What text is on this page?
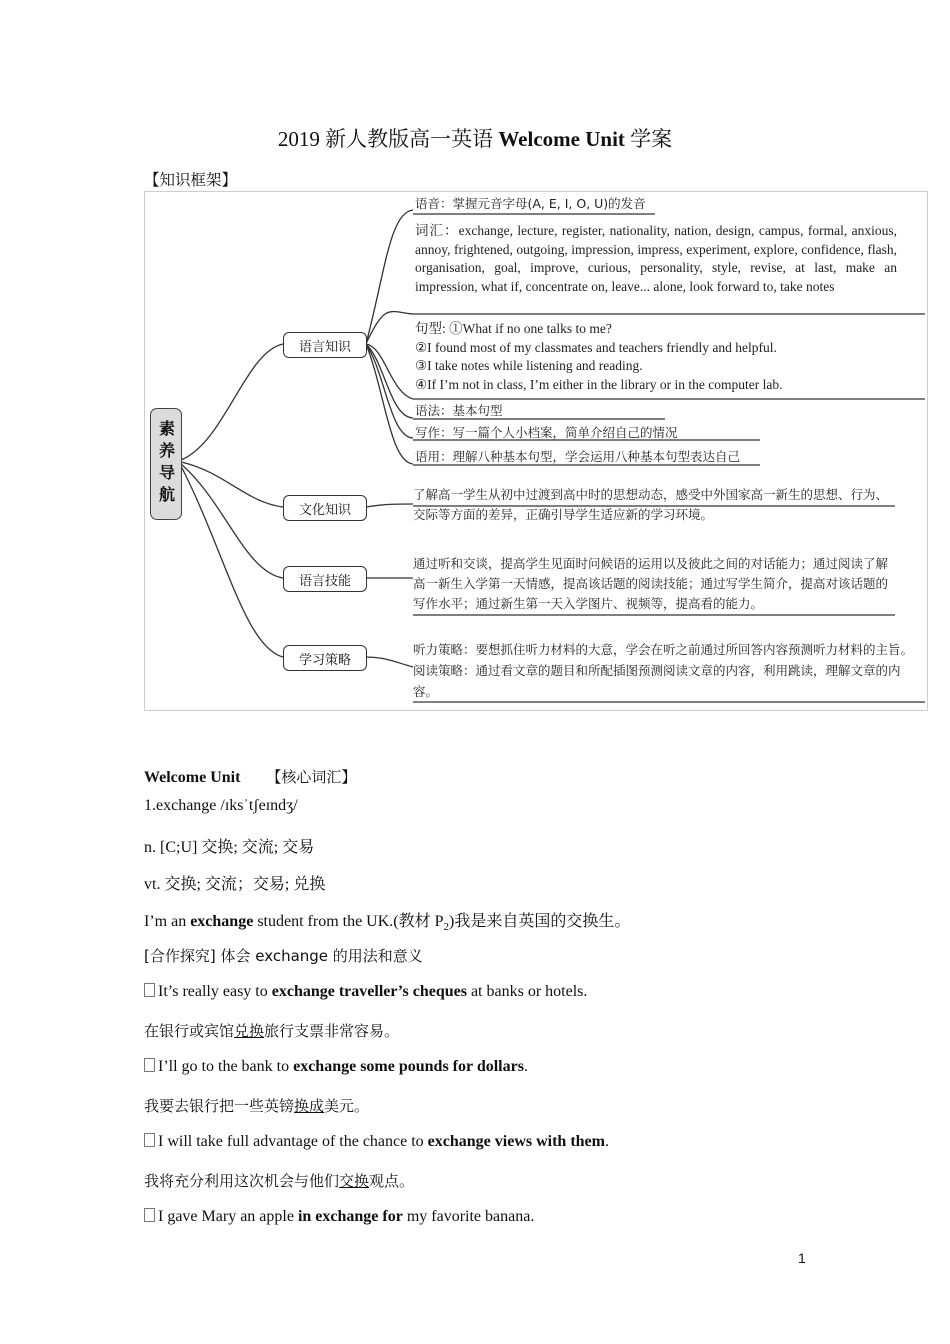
2019 新人教版高一英语 Welcome Unit 学案
【知识框架】
素养导航
语言知识
文化知识
语言技能
学习策略
语音：掌握元音字母(A, E, I, O, U)的发音
词汇：exchange, lecture, register, nationality, nation, design, campus, formal, anxious, annoy, frightened, outgoing, impression, impress, experiment, explore, confidence, flash, organisation, goal, improve, curious, personality, style, revise, at last, make an impression, what if, concentrate on, leave... alone, look forward to, take notes
句型: ①What if no one talks to me?
②I found most of my classmates and teachers friendly and helpful.
③I take notes while listening and reading.
④If I’m not in class, I’m either in the library or in the computer lab.
语法：基本句型
写作：写一篇个人小档案，简单介绍自己的情况
语用：理解八种基本句型，学会运用八种基本句型表达自己
了解高一学生从初中过渡到高中时的思想动态，感受中外国家高一新生的思想、行为、交际等方面的差异，正确引导学生适应新的学习环境。
通过听和交谈，提高学生见面时问候语的运用以及彼此之间的对话能力；通过阅读了解高一新生入学第一天情感，提高该话题的阅读技能；通过写学生简介，提高对该话题的写作水平；通过新生第一天入学图片、视频等，提高看的能力。
听力策略：要想抓住听力材料的大意，学会在听之前通过所回答内容预测听力材料的主旨。阅读策略：通过看文章的题目和所配插图预测阅读文章的内容，利用跳读，理解文章的内容。
Welcome Unit 【核心词汇】
1.exchange /ɪksˈtʃeɪndʒ/
n. [C;U] 交换; 交流; 交易
vt. 交换; 交流；交易; 兑换
I’m an exchange student from the UK.(教材 $P_2$)我是来自英国的交换生。
[合作探究] 体会 exchange 的用法和意义
It’s really easy to exchange traveller’s cheques at banks or hotels.
在银行或宾馆兑换旅行支票非常容易。
I’ll go to the bank to exchange some pounds for dollars.
我要去银行把一些英镑换成美元。
I will take full advantage of the chance to exchange views with them.
我将充分利用这次机会与他们交换观点。
I gave Mary an apple in exchange for my favorite banana.
1
